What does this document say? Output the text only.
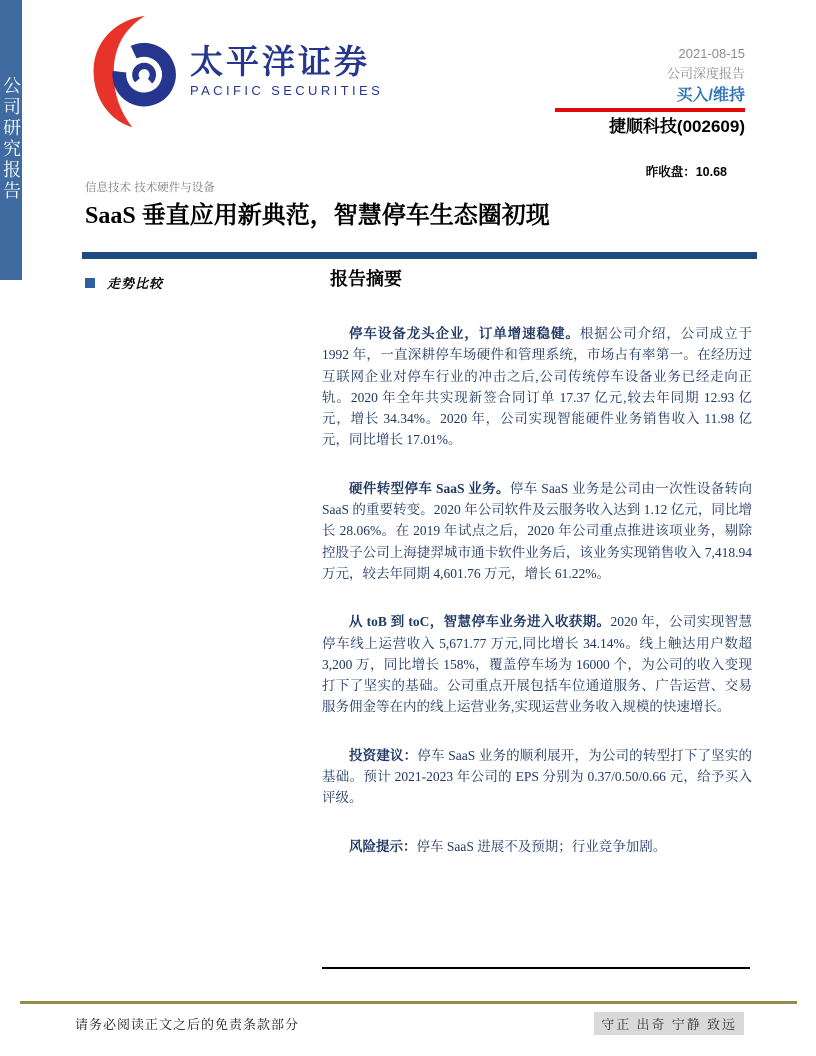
公司研究报告
太平洋证券
PACIFIC SECURITIES
2021-08-15
公司深度报告
买入/维持
捷顺科技(002609)
昨收盘：10.68
信息技术 技术硬件与设备
SaaS 垂直应用新典范，智慧停车生态圈初现
走势比较	报告摘要

停车设备龙头企业，订单增速稳健。根据公司介绍，公司成立于 1992 年，一直深耕停车场硬件和管理系统，市场占有率第一。在经历过互联网企业对停车行业的冲击之后,公司传统停车设备业务已经走向正轨。2020 年全年共实现新签合同订单 17.37 亿元,较去年同期 12.93 亿元，增长 34.34%。2020 年，公司实现智能硬件业务销售收入 11.98 亿元，同比增长 17.01%。

硬件转型停车 SaaS 业务。停车 SaaS 业务是公司由一次性设备转向 SaaS 的重要转变。2020 年公司软件及云服务收入达到 1.12 亿元，同比增长 28.06%。在 2019 年试点之后，2020 年公司重点推进该项业务，剔除控股子公司上海捷羿城市通卡软件业务后，该业务实现销售收入 7,418.94 万元，较去年同期 4,601.76 万元，增长 61.22%。

从 toB 到 toC，智慧停车业务进入收获期。2020 年，公司实现智慧停车线上运营收入 5,671.77 万元,同比增长 34.14%。线上触达用户数超 3,200 万，同比增长 158%，覆盖停车场为 16000 个，为公司的收入变现打下了坚实的基础。公司重点开展包括车位通道服务、广告运营、交易服务佣金等在内的线上运营业务,实现运营业务收入规模的快速增长。

投资建议：停车 SaaS 业务的顺利展开，为公司的转型打下了坚实的基础。预计 2021-2023 年公司的 EPS 分别为 0.37/0.50/0.66 元，给予买入评级。

风险提示：停车 SaaS 进展不及预期；行业竞争加剧。

请务必阅读正文之后的免责条款部分	守正 出奇 宁静 致远
